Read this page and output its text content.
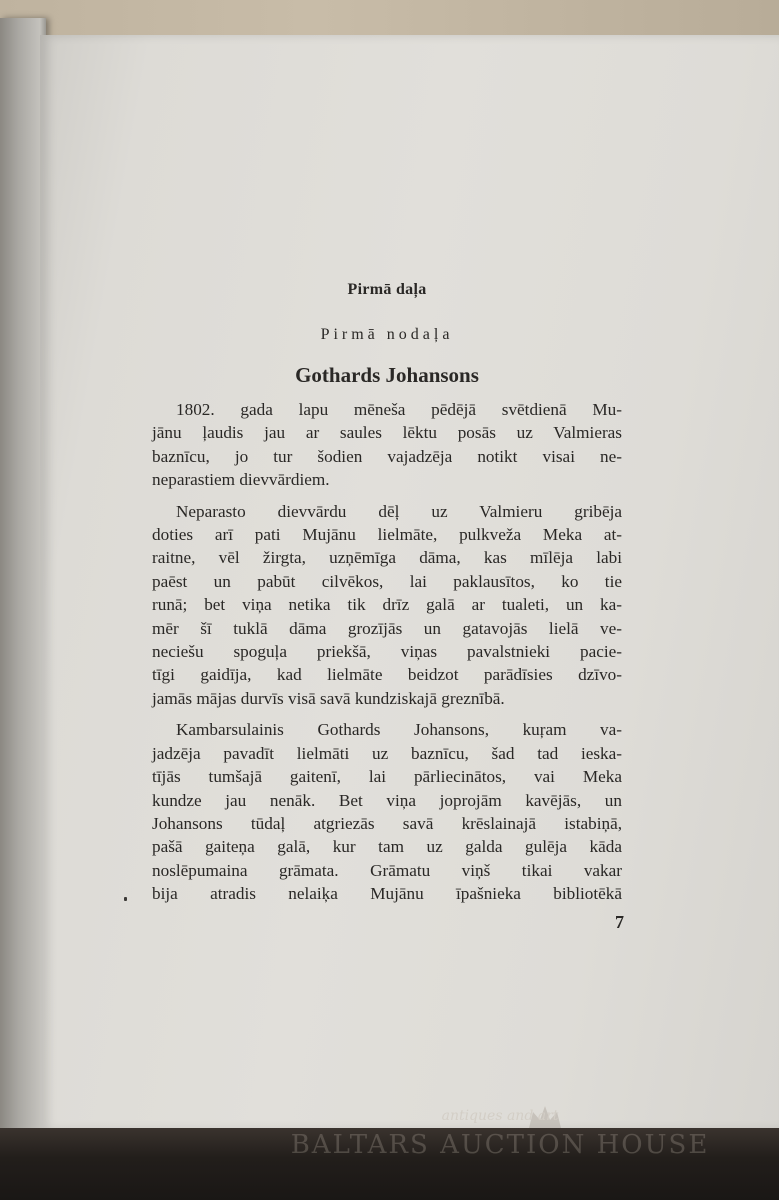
Pirmā daļa
Pirmā nodaļa
Gothards Johansons

1802. gada lapu mēneša pēdējā svētdienā Mu-
jānu ļaudis jau ar saules lēktu posās uz Valmieras
baznīcu, jo tur šodien vajadzēja notikt visai ne-
neparastiem dievvārdiem.

Neparasto dievvārdu dēļ uz Valmieru gribēja
doties arī pati Mujānu lielmāte, pulkveža Meka at-
raitne, vēl žirgta, uzņēmīga dāma, kas mīlēja labi
paēst un pabūt cilvēkos, lai paklausītos, ko tie
runā; bet viņa netika tik drīz galā ar tualeti, un ka-
mēr šī tuklā dāma grozījās un gatavojās lielā ve-
neciešu spoguļa priekšā, viņas pavalstnieki pacie-
tīgi gaidīja, kad lielmāte beidzot parādīsies dzīvo-
jamās mājas durvīs visā savā kundziskajā greznībā.

Kambarsulainis Gothards Johansons, kuŗam va-
jadzēja pavadīt lielmāti uz baznīcu, šad tad ieska-
tījās tumšajā gaitenī, lai pārliecinātos, vai Meka
kundze jau nenāk. Bet viņa joprojām kavējās, un
Johansons tūdaļ atgriezās savā krēslainajā istabiņā,
pašā gaiteņa galā, kur tam uz galda gulēja kāda
noslēpumaina grāmata. Grāmatu viņš tikai vakar
bija atradis nelaiķa Mujānu īpašnieka bibliotēkā

7
antiques and art
BALTARS AUCTION HOUSE
